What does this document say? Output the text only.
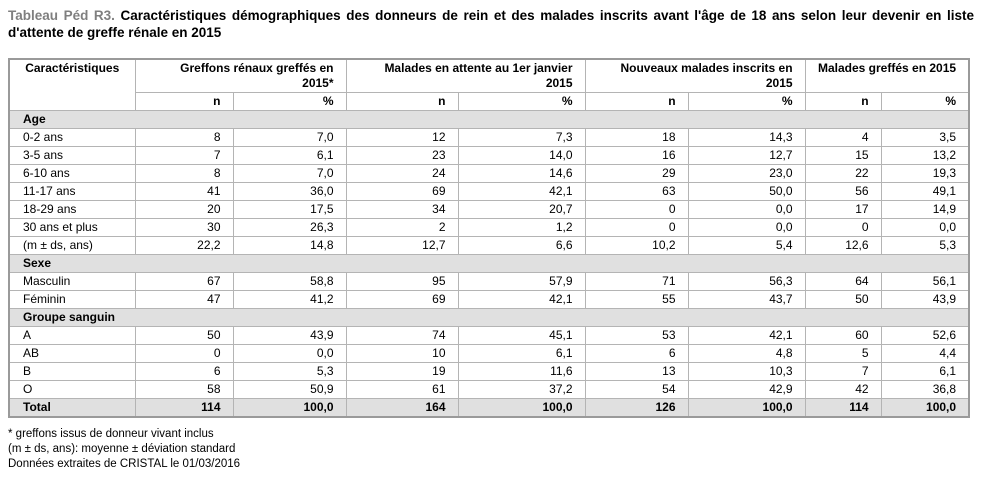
Tableau Péd R3. Caractéristiques démographiques des donneurs de rein et des malades inscrits avant l'âge de 18 ans selon leur devenir en liste d'attente de greffe rénale en 2015

Caractéristiques	Greffons rénaux greffés en 2015*		Malades en attente au 1er janvier 2015		Nouveaux malades inscrits en 2015		Malades greffés en 2015	
	n	%	n	%	n	%	n	%
Age								
0-2 ans	8	7,0	12	7,3	18	14,3	4	3,5
3-5 ans	7	6,1	23	14,0	16	12,7	15	13,2
6-10 ans	8	7,0	24	14,6	29	23,0	22	19,3
11-17 ans	41	36,0	69	42,1	63	50,0	56	49,1
18-29 ans	20	17,5	34	20,7	0	0,0	17	14,9
30 ans et plus	30	26,3	2	1,2	0	0,0	0	0,0
(m ± ds, ans)	22,2	14,8	12,7	6,6	10,2	5,4	12,6	5,3
Sexe								
Masculin	67	58,8	95	57,9	71	56,3	64	56,1
Féminin	47	41,2	69	42,1	55	43,7	50	43,9
Groupe sanguin								
A	50	43,9	74	45,1	53	42,1	60	52,6
AB	0	0,0	10	6,1	6	4,8	5	4,4
B	6	5,3	19	11,6	13	10,3	7	6,1
O	58	50,9	61	37,2	54	42,9	42	36,8
Total	114	100,0	164	100,0	126	100,0	114	100,0
* greffons issus de donneur vivant inclus
(m ± ds, ans): moyenne ± déviation standard
Données extraites de CRISTAL le 01/03/2016
